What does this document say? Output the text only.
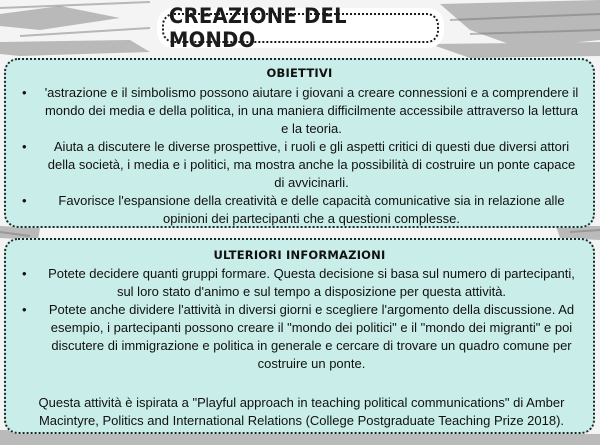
CREAZIONE DEL MONDO
OBIETTIVI
• 'astrazione e il simbolismo possono aiutare i giovani a creare connessioni e a comprendere il mondo dei media e della politica, in una maniera difficilmente accessibile attraverso la lettura e la teoria.
• Aiuta a discutere le diverse prospettive, i ruoli e gli aspetti critici di questi due diversi attori della società, i media e i politici, ma mostra anche la possibilità di costruire un ponte capace di avvicinarli.
• Favorisce l'espansione della creatività e delle capacità comunicative sia in relazione alle opinioni dei partecipanti che a questioni complesse.
ULTERIORI INFORMAZIONI
• Potete decidere quanti gruppi formare. Questa decisione si basa sul numero di partecipanti, sul loro stato d'animo e sul tempo a disposizione per questa attività.
• Potete anche dividere l'attività in diversi giorni e scegliere l'argomento della discussione. Ad esempio, i partecipanti possono creare il "mondo dei politici" e il "mondo dei migranti" e poi discutere di immigrazione e politica in generale e cercare di trovare un quadro comune per costruire un ponte.
Questa attività è ispirata a "Playful approach in teaching political communications" di Amber Macintyre, Politics and International Relations (College Postgraduate Teaching Prize 2018).
